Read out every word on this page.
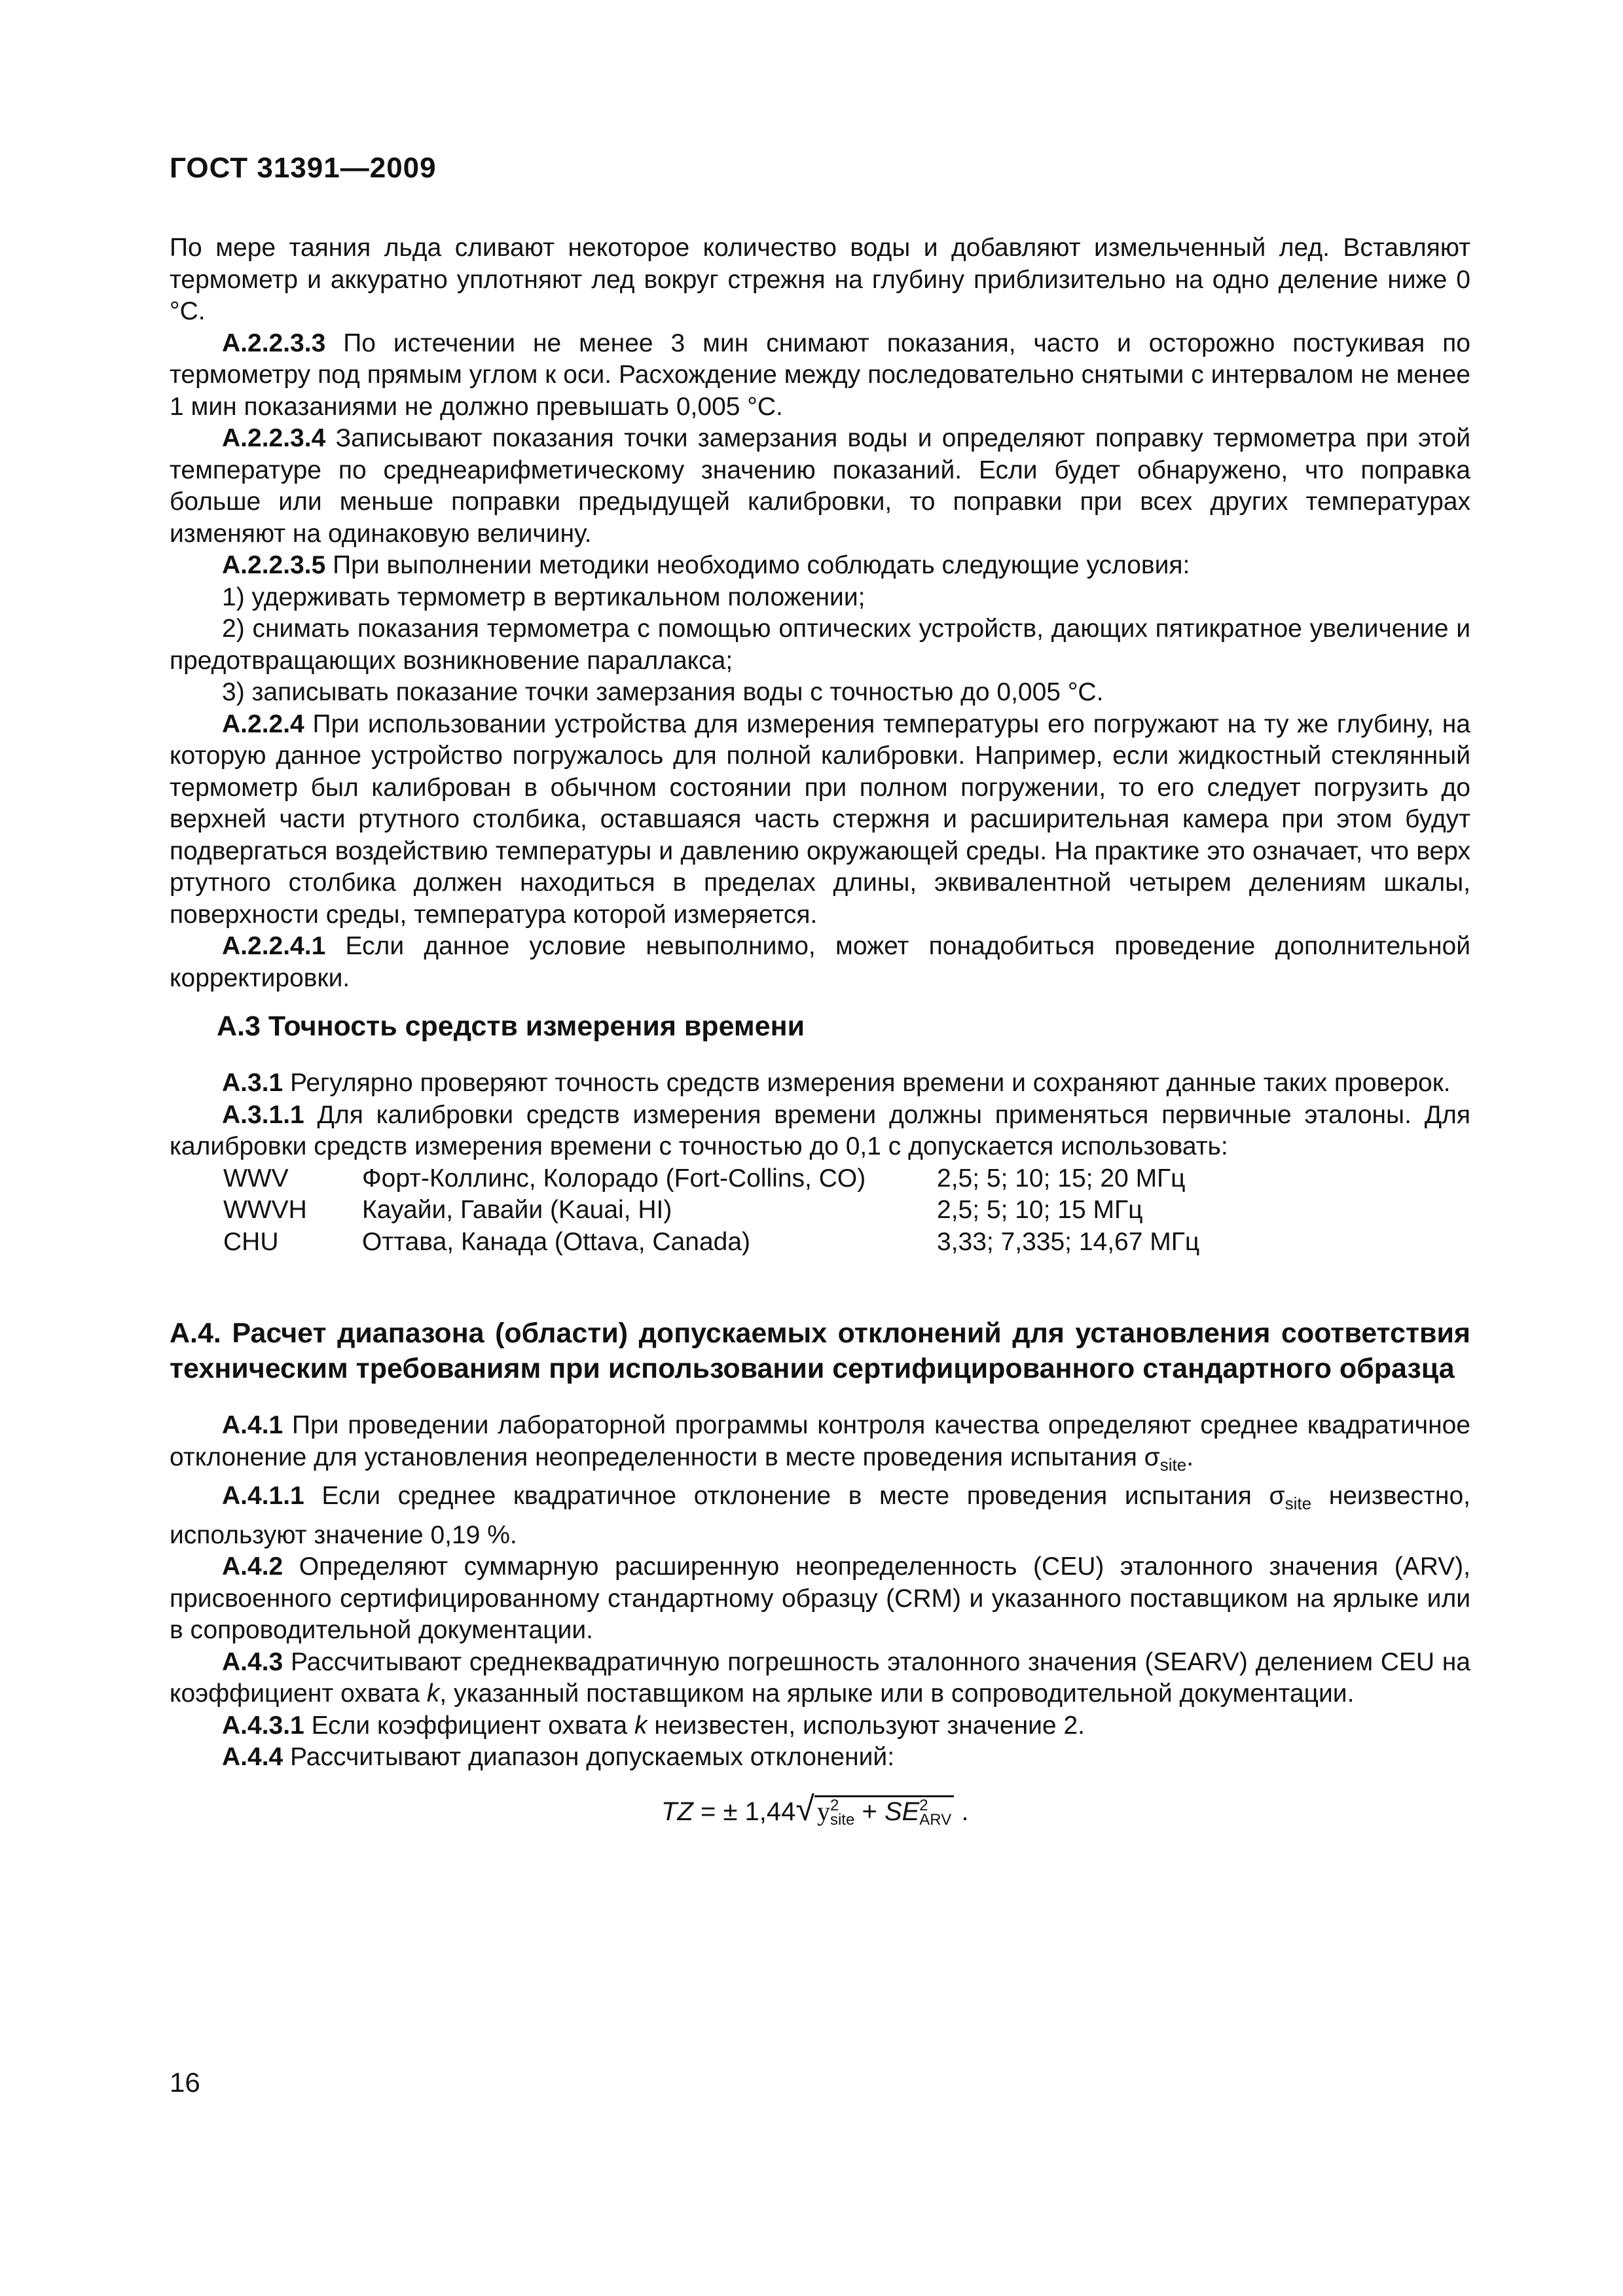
ГОСТ 31391—2009

По мере таяния льда сливают некоторое количество воды и добавляют измельченный лед. Вставляют термометр и аккуратно уплотняют лед вокруг стрежня на глубину приблизительно на одно деление ниже 0 °С.

А.2.2.3.3 По истечении не менее 3 мин снимают показания, часто и осторожно постукивая по термометру под прямым углом к оси. Расхождение между последовательно снятыми с интервалом не менее 1 мин показаниями не должно превышать 0,005 °С.

А.2.2.3.4 Записывают показания точки замерзания воды и определяют поправку термометра при этой температуре по среднеарифметическому значению показаний. Если будет обнаружено, что поправка больше или меньше поправки предыдущей калибровки, то поправки при всех других температурах изменяют на одинаковую величину.

А.2.2.3.5 При выполнении методики необходимо соблюдать следующие условия:

1) удерживать термометр в вертикальном положении;

2) снимать показания термометра с помощью оптических устройств, дающих пятикратное увеличение и предотвращающих возникновение параллакса;

3) записывать показание точки замерзания воды с точностью до 0,005 °С.

А.2.2.4 При использовании устройства для измерения температуры его погружают на ту же глубину, на которую данное устройство погружалось для полной калибровки. Например, если жидкостный стеклянный термометр был калиброван в обычном состоянии при полном погружении, то его следует погрузить до верхней части ртутного столбика, оставшаяся часть стержня и расширительная камера при этом будут подвергаться воздействию температуры и давлению окружающей среды. На практике это означает, что верх ртутного столбика должен находиться в пределах длины, эквивалентной четырем делениям шкалы, поверхности среды, температура которой измеряется.

А.2.2.4.1 Если данное условие невыполнимо, может понадобиться проведение дополнительной корректировки.

А.3 Точность средств измерения времени

А.3.1 Регулярно проверяют точность средств измерения времени и сохраняют данные таких проверок.

А.3.1.1 Для калибровки средств измерения времени должны применяться первичные эталоны. Для калибровки средств измерения времени с точностью до 0,1 с допускается использовать:

WWV	Форт-Коллинс, Колорадо (Fort-Collins, CO)	2,5; 5; 10; 15; 20 МГц
WWVH	Кауайи, Гавайи (Kauai, HI)	2,5; 5; 10; 15 МГц
CHU	Оттава, Канада (Ottava, Canada)	3,33; 7,335; 14,67 МГц

А.4. Расчет диапазона (области) допускаемых отклонений для установления соответствия техническим требованиям при использовании сертифицированного стандартного образца

А.4.1 При проведении лабораторной программы контроля качества определяют среднее квадратичное отклонение для установления неопределенности в месте проведения испытания $\sigma_{site}$.

А.4.1.1 Если среднее квадратичное отклонение в месте проведения испытания $\sigma_{site}$ неизвестно, используют значение 0,19 %.

А.4.2 Определяют суммарную расширенную неопределенность (CEU) эталонного значения (ARV), присвоенного сертифицированному стандартному образцу (CRM) и указанного поставщиком на ярлыке или в сопроводительной документации.

А.4.3 Рассчитывают среднеквадратичную погрешность эталонного значения (SEARV) делением CEU на коэффициент охвата k, указанный поставщиком на ярлыке или в сопроводительной документации.

А.4.3.1 Если коэффициент охвата k неизвестен, используют значение 2.

А.4.4 Рассчитывают диапазон допускаемых отклонений:

TZ = ± 1,44√ y 2
site + SE 2
ARV .
16
